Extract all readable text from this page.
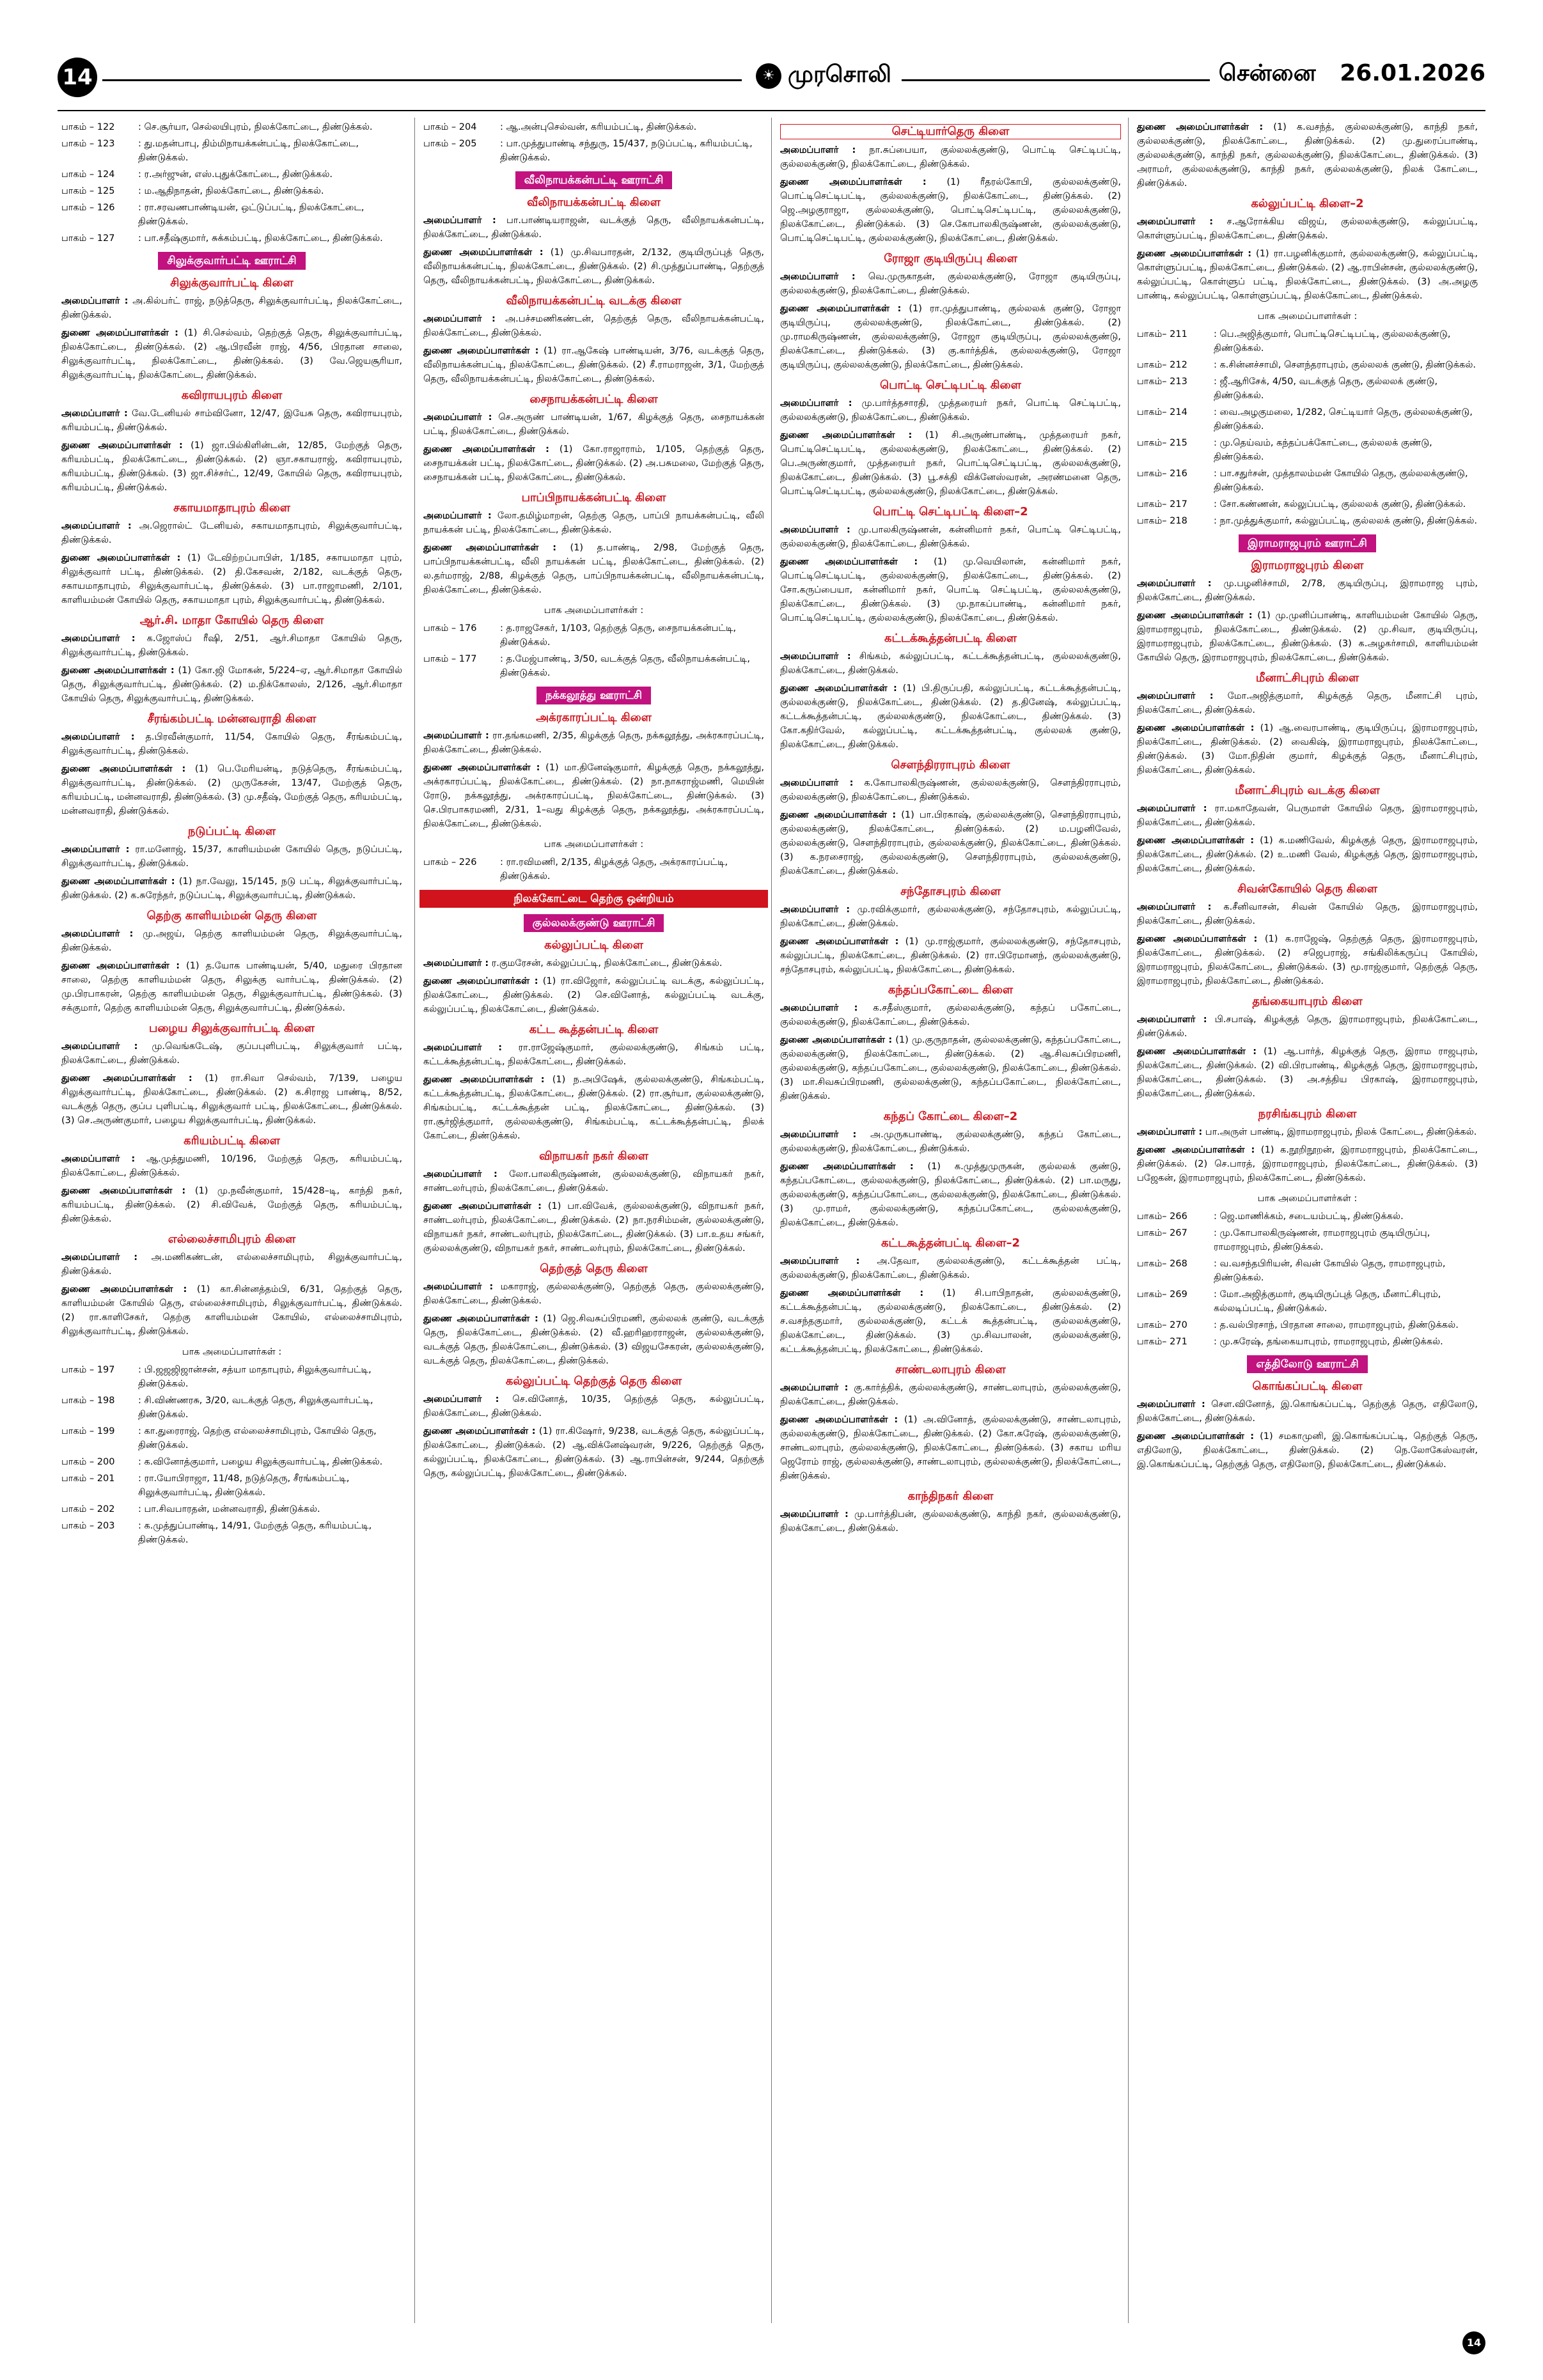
14	☀ முரசொலி	சென்னை 26.01.2026
பாகம் – 122	: செ.சூர்யா, செல்லயிபுரம், நிலக்கோட்டை, திண்டுக்கல்.
பாகம் – 123	: து.மதன்பாபு, திம்மிநாயக்கன்பட்டி, நிலக்கோட்டை, திண்டுக்கல்.
பாகம் – 124	: ர.அர்ஜுன், எஸ்.புதுக்கோட்டை, திண்டுக்கல்.
பாகம் – 125	: ம.ஆதிநாதன், நிலக்கோட்டை, திண்டுக்கல்.
பாகம் – 126	: ரா.சரவணபாண்டியன், ஒட்டுப்பட்டி, நிலக்கோட்டை, திண்டுக்கல்.
பாகம் – 127	: பா.சதீஷ்குமார், சுக்கம்பட்டி, நிலக்கோட்டை, திண்டுக்கல்.
சிலுக்குவார்பட்டி ஊராட்சி
சிலுக்குவார்பட்டி கிளை
அமைப்பாளர் : அ.கில்பர்ட் ராஜ், நடுத்தெரு, சிலுக்குவார்பட்டி, நிலக்கோட்டை, திண்டுக்கல்.
துணை அமைப்பாளர்கள் : (1) சி.செல்வம், தெற்குத் தெரு, சிலுக்குவார்பட்டி, நிலக்கோட்டை, திண்டுக்கல். (2) ஆ.பிரவீன் ராஜ், 4/56, பிரதான சாலை, சிலுக்குவார்பட்டி, நிலக்கோட்டை, திண்டுக்கல். (3) வே.ஜெயசூரியா, சிலுக்குவார்பட்டி, நிலக்கோட்டை, திண்டுக்கல்.
கவிராயபுரம் கிளை
அமைப்பாளர் : வே.டேனியல் சாம்வினோ, 12/47, இயேசு தெரு, கவிராயபுரம், கரியம்பட்டி, திண்டுக்கல்.
துணை அமைப்பாளர்கள் : (1) ஜா.பில்கிளின்டன், 12/85, மேற்குத் தெரு, கரியம்பட்டி, நிலக்கோட்டை, திண்டுக்கல். (2) ஞா.சகாயராஜ், கவிராயபுரம், கரியம்பட்டி, திண்டுக்கல். (3) ஜா.சிச்சர்ட், 12/49, கோயில் தெரு, கவிராயபுரம், கரியம்பட்டி, திண்டுக்கல்.
சகாயமாதாபுரம் கிளை
அமைப்பாளர் : அ.ஜெரால்ட் டேனியல், சகாயமாதாபுரம், சிலுக்குவார்பட்டி, திண்டுக்கல்.
துணை அமைப்பாளர்கள் : (1) டேவிற்றப்பாபிள், 1/185, சகாயமாதா புரம், சிலுக்குவார் பட்டி, திண்டுக்கல். (2) தி.கேசவன், 2/182, வடக்குத் தெரு, சகாயமாதாபுரம், சிலுக்குவார்பட்டி, திண்டுக்கல். (3) பா.ராஜாமணி, 2/101, காளியம்மன் கோயில் தெரு, சகாயமாதா புரம், சிலுக்குவார்பட்டி, திண்டுக்கல்.
ஆர்.சி. மாதா கோயில் தெரு கிளை
அமைப்பாளர் : க.ஜோஸ்ப் ரீஷி, 2/51, ஆர்.சிமாதா கோயில் தெரு, சிலுக்குவார்பட்டி, திண்டுக்கல்.
துணை அமைப்பாளர்கள் : (1) கோ.ஜி மோகன், 5/224–ஏ, ஆர்.சிமாதா கோயில் தெரு, சிலுக்குவார்பட்டி, திண்டுக்கல். (2) ம.நிக்கோலஸ், 2/126, ஆர்.சிமாதா கோயில் தெரு, சிலுக்குவார்பட்டி, திண்டுக்கல்.
சீரங்கம்பட்டி மன்னவராதி கிளை
அமைப்பாளர் : த.பிரவீன்குமார், 11/54, கோயில் தெரு, சீரங்கம்பட்டி, சிலுக்குவார்பட்டி, திண்டுக்கல்.
துணை அமைப்பாளர்கள் : (1) பெ.மேரியன்டி, நடுத்தெரு, சீரங்கம்பட்டி, சிலுக்குவார்பட்டி, திண்டுக்கல். (2) முருகேசன், 13/47, மேற்குத் தெரு, கரியம்பட்டி, மன்னவராதி, திண்டுக்கல். (3) மு.சதீஷ், மேற்குத் தெரு, கரியம்பட்டி, மன்னவராதி, திண்டுக்கல்.
நடுப்பட்டி கிளை
அமைப்பாளர் : ரா.மனோஜ், 15/37, காளியம்மன் கோயில் தெரு, நடுப்பட்டி, சிலுக்குவார்பட்டி, திண்டுக்கல்.
துணை அமைப்பாளர்கள் : (1) நா.வேலு, 15/145, நடு பட்டி, சிலுக்குவார்பட்டி, திண்டுக்கல். (2) க.சுரேந்தர், நடுப்பட்டி, சிலுக்குவார்பட்டி, திண்டுக்கல்.
தெற்கு காளியம்மன் தெரு கிளை
அமைப்பாளர் : மு.அஜய், தெற்கு காளியம்மன் தெரு, சிலுக்குவார்பட்டி, திண்டுக்கல்.
துணை அமைப்பாளர்கள் : (1) த.யோக பாண்டியன், 5/40, மதுரை பிரதான சாலை, தெற்கு காளியம்மன் தெரு, சிலுக்கு வார்பட்டி, திண்டுக்கல். (2) மு.பிரபாகரன், தெற்கு காளியம்மன் தெரு, சிலுக்குவார்பட்டி, திண்டுக்கல். (3) சக்குமார், தெற்கு காளியம்மன் தெரு, சிலுக்குவார்பட்டி, திண்டுக்கல்.
பழைய சிலுக்குவார்பட்டி கிளை
அமைப்பாளர் : மு.வெங்கடேஷ், குப்பபுளிபட்டி, சிலுக்குவார் பட்டி, நிலக்கோட்டை, திண்டுக்கல்.
துணை அமைப்பாளர்கள் : (1) ரா.சிவா செல்வம், 7/139, பழைய சிலுக்குவார்பட்டி, நிலக்கோட்டை, திண்டுக்கல். (2) க.சிராஜ பாண்டி, 8/52, வடக்குத் தெரு, குப்ப புளிபட்டி, சிலுக்குவார் பட்டி, நிலக்கோட்டை, திண்டுக்கல். (3) செ.அருண்குமார், பழைய சிலுக்குவார்பட்டி, திண்டுக்கல்.
கரியம்பட்டி கிளை
அமைப்பாளர் : ஆ.முத்துமணி, 10/196, மேற்குத் தெரு, கரியம்பட்டி, நிலக்கோட்டை, திண்டுக்கல்.
துணை அமைப்பாளர்கள் : (1) மு.நவீன்குமார், 15/428–டி, காந்தி நகர், கரியம்பட்டி, திண்டுக்கல். (2) சி.விவேக், மேற்குத் தெரு, கரியம்பட்டி, திண்டுக்கல்.
எல்லைச்சாமிபுரம் கிளை
அமைப்பாளர் : அ.மணிகண்டன், எல்லைச்சாமிபுரம், சிலுக்குவார்பட்டி, திண்டுக்கல்.
துணை அமைப்பாளர்கள் : (1) கா.சின்னத்தம்பி, 6/31, தெற்குத் தெரு, காளியம்மன் கோயில் தெரு, எல்லைச்சாமிபுரம், சிலுக்குவார்பட்டி, திண்டுக்கல். (2) ரா.காளிசேகர், தெற்கு காளியம்மன் கோயில், எல்லைச்சாமிபுரம், சிலுக்குவார்பட்டி, திண்டுக்கல்.
பாக அமைப்பாளர்கள் :
பாகம் – 197	: பி.ஜஜஜிஜான்சன், சத்யா மாதாபுரம், சிலுக்குவார்பட்டி, திண்டுக்கல்.
பாகம் – 198	: சி.விண்ணரசு, 3/20, வடக்குத் தெரு, சிலுக்குவார்பட்டி, திண்டுக்கல்.
பாகம் – 199	: கா.துரைராஜ், தெற்கு எல்லைச்சாமிபுரம், கோயில் தெரு, திண்டுக்கல்.
பாகம் – 200	: க.வினோத்குமார், பழைய சிலுக்குவார்பட்டி, திண்டுக்கல்.
பாகம் – 201	: ரா.யோபிராஜா, 11/48, நடுத்தெரு, சீரங்கம்பட்டி, சிலுக்குவார்பட்டி, திண்டுக்கல்.
பாகம் – 202	: பா.சிவபாரதன், மன்னவராதி, திண்டுக்கல்.
பாகம் – 203	: க.முத்துப்பாண்டி, 14/91, மேற்குத் தெரு, கரியம்பட்டி, திண்டுக்கல்.
பாகம் – 204	: ஆ.அன்புசெல்வன், கரியம்பட்டி, திண்டுக்கல்.
பாகம் – 205	: பா.முத்துபாண்டி சந்துரு, 15/437, நடுப்பட்டி, கரியம்பட்டி, திண்டுக்கல்.
வீலிநாயக்கன்பட்டி ஊராட்சி
வீலிநாயக்கன்பட்டி கிளை
அமைப்பாளர் : பா.பாண்டியராஜன், வடக்குத் தெரு, வீலிநாயக்கன்பட்டி, நிலக்கோட்டை, திண்டுக்கல்.
துணை அமைப்பாளர்கள் : (1) மு.சிவபாரதன், 2/132, குடியிருப்புத் தெரு, வீலிநாயக்கன்பட்டி, நிலக்கோட்டை, திண்டுக்கல். (2) சி.முத்துப்பாண்டி, தெற்குத் தெரு, வீலிநாயக்கன்பட்டி, நிலக்கோட்டை, திண்டுக்கல்.
வீலிநாயக்கன்பட்டி வடக்கு கிளை
அமைப்பாளர் : அ.பச்சமணிகண்டன், தெற்குத் தெரு, வீலிநாயக்கன்பட்டி, நிலக்கோட்டை, திண்டுக்கல்.
துணை அமைப்பாளர்கள் : (1) ரா.ஆகேஷ் பாண்டியன், 3/76, வடக்குத் தெரு, வீலிநாயக்கன்பட்டி, நிலக்கோட்டை, திண்டுக்கல். (2) சீ.ராமராஜன், 3/1, மேற்குத் தெரு, வீலிநாயக்கன்பட்டி, நிலக்கோட்டை, திண்டுக்கல்.
சைநாயக்கன்பட்டி கிளை
அமைப்பாளர் : செ.அருண் பாண்டியன், 1/67, கிழக்குத் தெரு, சைநாயக்கன் பட்டி, நிலக்கோட்டை, திண்டுக்கல்.
துணை அமைப்பாளர்கள் : (1) கோ.ராஜாராம், 1/105, தெற்குத் தெரு, சைநாயக்கன் பட்டி, நிலக்கோட்டை, திண்டுக்கல். (2) அ.பசுமலை, மேற்குத் தெரு, சைநாயக்கன் பட்டி, நிலக்கோட்டை, திண்டுக்கல்.
பாப்பிநாயக்கன்பட்டி கிளை
அமைப்பாளர் : லோ.தமிழ்மாறன், தெற்கு தெரு, பாப்பி நாயக்கன்பட்டி, வீலி நாயக்கன் பட்டி, நிலக்கோட்டை, திண்டுக்கல்.
துணை அமைப்பாளர்கள் : (1) த.பாண்டி, 2/98, மேற்குத் தெரு, பாப்பிநாயக்கன்பட்டி, வீலி நாயக்கன் பட்டி, நிலக்கோட்டை, திண்டுக்கல். (2) ல.தர்மராஜ், 2/88, கிழக்குத் தெரு, பாப்பிநாயக்கன்பட்டி, வீலிநாயக்கன்பட்டி, நிலக்கோட்டை, திண்டுக்கல்.
பாக அமைப்பாளர்கள் :
பாகம் – 176	: த.ராஜசேகர், 1/103, தெற்குத் தெரு, சைநாயக்கன்பட்டி, திண்டுக்கல்.
பாகம் – 177	: த.மேஜ்பாண்டி, 3/50, வடக்குத் தெரு, வீலிநாயக்கன்பட்டி, திண்டுக்கல்.
நக்கலூத்து ஊராட்சி
அக்ரகாரப்பட்டி கிளை
அமைப்பாளர் : ரா.தங்கமணி, 2/35, கிழக்குத் தெரு, நக்கலூத்து, அக்ரகாரப்பட்டி, நிலக்கோட்டை, திண்டுக்கல்.
துணை அமைப்பாளர்கள் : (1) மா.தினேஷ்குமார், கிழக்குத் தெரு, நக்கலூத்து, அக்ரகாரப்பட்டி, நிலக்கோட்டை, திண்டுக்கல். (2) நா.நாகராஜ்மணி, மெயின் ரோடு, நக்கலூத்து, அக்ரகாரப்பட்டி, நிலக்கோட்டை, திண்டுக்கல். (3) செ.பிரபாகரமணி, 2/31, 1–வது கிழக்குத் தெரு, நக்கலூத்து, அக்ரகாரப்பட்டி, நிலக்கோட்டை, திண்டுக்கல்.
பாக அமைப்பாளர்கள் :
பாகம் – 226	: ரா.ரவிமணி, 2/135, கிழக்குத் தெரு, அக்ரகாரப்பட்டி, திண்டுக்கல்.
நிலக்கோட்டை தெற்கு ஒன்றியம்
குல்லலக்குண்டு ஊராட்சி
கல்லுப்பட்டி கிளை
அமைப்பாளர் : ர.குமரேசன், கல்லுப்பட்டி, நிலக்கோட்டை, திண்டுக்கல்.
துணை அமைப்பாளர்கள் : (1) ரா.விஜோர், கல்லுப்பட்டி வடக்கு, கல்லுப்பட்டி, நிலக்கோட்டை, திண்டுக்கல். (2) செ.வினோத், கல்லுப்பட்டி வடக்கு, கல்லுப்பட்டி, நிலக்கோட்டை, திண்டுக்கல்.
கட்ட கூத்தன்பட்டி கிளை
அமைப்பாளர் : ரா.ராஜேஷ்குமார், குல்லலக்குண்டு, சிங்கம் பட்டி, கட்டக்கூத்தன்பட்டி, நிலக்கோட்டை, திண்டுக்கல்.
துணை அமைப்பாளர்கள் : (1) ந.அபிஷேக், குல்லலக்குண்டு, சிங்கம்பட்டி, கட்டக்கூத்தன்பட்டி, நிலக்கோட்டை, திண்டுக்கல். (2) ரா.சூர்யா, குல்லலக்குண்டு, சிங்கம்பட்டி, கட்டக்கூத்தன் பட்டி, நிலக்கோட்டை, திண்டுக்கல். (3) ரா.சூர்ஜித்குமார், குல்லலக்குண்டு, சிங்கம்பட்டி, கட்டக்கூத்தன்பட்டி, நிலக் கோட்டை, திண்டுக்கல்.
விநாயகர் நகர் கிளை
அமைப்பாளர் : லோ.பாலகிருஷ்ணன், குல்லலக்குண்டு, விநாயகர் நகர், சாண்டலர்புரம், நிலக்கோட்டை, திண்டுக்கல்.
துணை அமைப்பாளர்கள் : (1) பா.விவேக், குல்லலக்குண்டு, விநாயகர் நகர், சாண்டலர்புரம், நிலக்கோட்டை, திண்டுக்கல். (2) நா.நரசிம்மன், குல்லலக்குண்டு, விநாயகர் நகர், சாண்டலர்புரம், நிலக்கோட்டை, திண்டுக்கல். (3) பா.உதய சங்கர், குல்லலக்குண்டு, விநாயகர் நகர், சாண்டலர்புரம், நிலக்கோட்டை, திண்டுக்கல்.
தெற்குத் தெரு கிளை
அமைப்பாளர் : மகாராஜ், குல்லலக்குண்டு, தெற்குத் தெரு, குல்லலக்குண்டு, நிலக்கோட்டை, திண்டுக்கல்.
துணை அமைப்பாளர்கள் : (1) ஜெ.சிவசுப்பிரமணி, குல்லலக் குண்டு, வடக்குத் தெரு, நிலக்கோட்டை, திண்டுக்கல். (2) வீ.ஹரிஹரராஜன், குல்லலக்குண்டு, வடக்குத் தெரு, நிலக்கோட்டை, திண்டுக்கல். (3) விஜயசேகரன், குல்லலக்குண்டு, வடக்குத் தெரு, நிலக்கோட்டை, திண்டுக்கல்.
கல்லுப்பட்டி தெற்குத் தெரு கிளை
அமைப்பாளர் : செ.வினோத், 10/35, தெற்குத் தெரு, கல்லுப்பட்டி, நிலக்கோட்டை, திண்டுக்கல்.
துணை அமைப்பாளர்கள் : (1) ரா.கிஷோர், 9/238, வடக்குத் தெரு, கல்லுப்பட்டி, நிலக்கோட்டை, திண்டுக்கல். (2) ஆ.விக்னேஷ்வரன், 9/226, தெற்குத் தெரு, கல்லுப்பட்டி, நிலக்கோட்டை, திண்டுக்கல். (3) ஆ.ராபின்சன், 9/244, தெற்குத் தெரு, கல்லுப்பட்டி, நிலக்கோட்டை, திண்டுக்கல்.
செட்டியார்தெரு கிளை
அமைப்பாளர் : நா.சுப்பையா, குல்லலக்குண்டு, பொட்டி செட்டிபட்டி, குல்லலக்குண்டு, நிலக்கோட்டை, திண்டுக்கல்.
துணை அமைப்பாளர்கள் : (1) ரீதரல்கோபி, குல்லலக்குண்டு, பொட்டிசெட்டிபட்டி, குல்லலக்குண்டு, நிலக்கோட்டை, திண்டுக்கல். (2) ஜெ.அழகுராஜா, குல்லலக்குண்டு, பொட்டிசெட்டிபட்டி, குல்லலக்குண்டு, நிலக்கோட்டை, திண்டுக்கல். (3) செ.கோபாலகிருஷ்ணன், குல்லலக்குண்டு, பொட்டிசெட்டிபட்டி, குல்லலக்குண்டு, நிலக்கோட்டை, திண்டுக்கல்.
ரோஜா குடியிருப்பு கிளை
அமைப்பாளர் : வெ.முருகாதன், குல்லலக்குண்டு, ரோஜா குடியிருப்பு, குல்லலக்குண்டு, நிலக்கோட்டை, திண்டுக்கல்.
துணை அமைப்பாளர்கள் : (1) ரா.முத்துபாண்டி, குல்லலக் குண்டு, ரோஜா குடியிருப்பு, குல்லலக்குண்டு, நிலக்கோட்டை, திண்டுக்கல். (2) மு.ராமகிருஷ்ணன், குல்லலக்குண்டு, ரோஜா குடியிருப்பு, குல்லலக்குண்டு, நிலக்கோட்டை, திண்டுக்கல். (3) கு.கார்த்திக், குல்லலக்குண்டு, ரோஜா குடியிருப்பு, குல்லலக்குண்டு, நிலக்கோட்டை, திண்டுக்கல்.
பொட்டி செட்டிபட்டி கிளை
அமைப்பாளர் : மு.பார்த்தசாரதி, முத்தரையர் நகர், பொட்டி செட்டிபட்டி, குல்லலக்குண்டு, நிலக்கோட்டை, திண்டுக்கல்.
துணை அமைப்பாளர்கள் : (1) சி.அருண்பாண்டி, முத்தரையர் நகர், பொட்டிசெட்டிபட்டி, குல்லலக்குண்டு, நிலக்கோட்டை, திண்டுக்கல். (2) பெ.அருண்குமார், முத்தரையர் நகர், பொட்டிசெட்டிபட்டி, குல்லலக்குண்டு, நிலக்கோட்டை, திண்டுக்கல். (3) பூ.சக்தி விக்னேஸ்வரன், அரண்மனை தெரு, பொட்டிசெட்டிபட்டி, குல்லலக்குண்டு, நிலக்கோட்டை, திண்டுக்கல்.
பொட்டி செட்டிபட்டி கிளை–2
அமைப்பாளர் : மு.பாலகிருஷ்ணன், கன்னிமார் நகர், பொட்டி செட்டிபட்டி, குல்லலக்குண்டு, நிலக்கோட்டை, திண்டுக்கல்.
துணை அமைப்பாளர்கள் : (1) மு.வெயிலான், கன்னிமார் நகர், பொட்டிசெட்டிபட்டி, குல்லலக்குண்டு, நிலக்கோட்டை, திண்டுக்கல். (2) சோ.கருப்பையா, கன்னிமார் நகர், பொட்டி செட்டிபட்டி, குல்லலக்குண்டு, நிலக்கோட்டை, திண்டுக்கல். (3) மு.நாகப்பாண்டி, கன்னிமார் நகர், பொட்டிசெட்டிபட்டி, குல்லலக்குண்டு, நிலக்கோட்டை, திண்டுக்கல்.
கட்டக்கூத்தன்பட்டி கிளை
அமைப்பாளர் : சிங்கம், கல்லுப்பட்டி, கட்டக்கூத்தன்பட்டி, குல்லலக்குண்டு, நிலக்கோட்டை, திண்டுக்கல்.
துணை அமைப்பாளர்கள் : (1) பி.திருப்பதி, கல்லுப்பட்டி, கட்டக்கூத்தன்பட்டி, குல்லலக்குண்டு, நிலக்கோட்டை, திண்டுக்கல். (2) த.தினேஷ், கல்லுப்பட்டி, கட்டக்கூத்தன்பட்டி, குல்லலக்குண்டு, நிலக்கோட்டை, திண்டுக்கல். (3) கோ.கதிர்வேல், கல்லுப்பட்டி, கட்டக்கூத்தன்பட்டி, குல்லலக் குண்டு, நிலக்கோட்டை, திண்டுக்கல்.
சௌந்திரராபுரம் கிளை
அமைப்பாளர் : க.கோபாலகிருஷ்ணன், குல்லலக்குண்டு, சௌந்திரராபுரம், குல்லலக்குண்டு, நிலக்கோட்டை, திண்டுக்கல்.
துணை அமைப்பாளர்கள் : (1) பா.பிரகாஷ், குல்லலக்குண்டு, சௌந்திரராபுரம், குல்லலக்குண்டு, நிலக்கோட்டை, திண்டுக்கல். (2) ம.பழனிவேல், குல்லலக்குண்டு, சௌந்திரராபுரம், குல்லலக்குண்டு, நிலக்கோட்டை, திண்டுக்கல். (3) க.நரசைராஜ், குல்லலக்குண்டு, சௌந்திரராபுரம், குல்லலக்குண்டு, நிலக்கோட்டை, திண்டுக்கல்.
சந்தோசபுரம் கிளை
அமைப்பாளர் : மு.ரவிக்குமார், குல்லலக்குண்டு, சந்தோசபுரம், கல்லுப்பட்டி, நிலக்கோட்டை, திண்டுக்கல்.
துணை அமைப்பாளர்கள் : (1) மு.ராஜ்குமார், குல்லலக்குண்டு, சந்தோசபுரம், கல்லுப்பட்டி, நிலக்கோட்டை, திண்டுக்கல். (2) ரா.பிரேமானந், குல்லலக்குண்டு, சந்தோசபுரம், கல்லுப்பட்டி, நிலக்கோட்டை, திண்டுக்கல்.
கந்தப்பகோட்டை கிளை
அமைப்பாளர் : க.சதீஸ்குமார், குல்லலக்குண்டு, கந்தப் பகோட்டை, குல்லலக்குண்டு, நிலக்கோட்டை, திண்டுக்கல்.
துணை அமைப்பாளர்கள் : (1) மு.குருநாதன், குல்லலக்குண்டு, கந்தப்பகோட்டை, குல்லலக்குண்டு, நிலக்கோட்டை, திண்டுக்கல். (2) ஆ.சிவசுப்பிரமணி, குல்லலக்குண்டு, கந்தப்பகோட்டை, குல்லலக்குண்டு, நிலக்கோட்டை, திண்டுக்கல். (3) மா.சிவசுப்பிரமணி, குல்லலக்குண்டு, கந்தப்பகோட்டை, நிலக்கோட்டை, திண்டுக்கல்.
கந்தப் கோட்டை கிளை–2
அமைப்பாளர் : அ.முருகபாண்டி, குல்லலக்குண்டு, கந்தப் கோட்டை, குல்லலக்குண்டு, நிலக்கோட்டை, திண்டுக்கல்.
துணை அமைப்பாளர்கள் : (1) க.முத்துமுருகன், குல்லலக் குண்டு, கந்தப்பகோட்டை, குல்லலக்குண்டு, நிலக்கோட்டை, திண்டுக்கல். (2) பா.மருது, குல்லலக்குண்டு, கந்தப்பகோட்டை, குல்லலக்குண்டு, நிலக்கோட்டை, திண்டுக்கல். (3) மு.ராமர், குல்லலக்குண்டு, கந்தப்பகோட்டை, குல்லலக்குண்டு, நிலக்கோட்டை, திண்டுக்கல்.
கட்டகூத்தன்பட்டி கிளை–2
அமைப்பாளர் : அ.தேவா, குல்லலக்குண்டு, கட்டக்கூத்தன் பட்டி, குல்லலக்குண்டு, நிலக்கோட்டை, திண்டுக்கல்.
துணை அமைப்பாளர்கள் : (1) சி.பாபிநாதன், குல்லலக்குண்டு, கட்டக்கூத்தன்பட்டி, குல்லலக்குண்டு, நிலக்கோட்டை, திண்டுக்கல். (2) ச.வசந்தகுமார், குல்லலக்குண்டு, கட்டக் கூத்தன்பட்டி, குல்லலக்குண்டு, நிலக்கோட்டை, திண்டுக்கல். (3) மு.சிவபாலன், குல்லலக்குண்டு, கட்டக்கூத்தன்பட்டி, நிலக்கோட்டை, திண்டுக்கல்.
சாண்டலாபுரம் கிளை
அமைப்பாளர் : கு.கார்த்திக், குல்லலக்குண்டு, சாண்டலாபுரம், குல்லலக்குண்டு, நிலக்கோட்டை, திண்டுக்கல்.
துணை அமைப்பாளர்கள் : (1) அ.வினோத், குல்லலக்குண்டு, சாண்டலாபுரம், குல்லலக்குண்டு, நிலக்கோட்டை, திண்டுக்கல். (2) கோ.சுரேஷ், குல்லலக்குண்டு, சாண்டலாபுரம், குல்லலக்குண்டு, நிலக்கோட்டை, திண்டுக்கல். (3) சகாய மரிய ஜெரோம் ராஜ், குல்லலக்குண்டு, சாண்டலாபுரம், குல்லலக்குண்டு, நிலக்கோட்டை, திண்டுக்கல்.
காந்திநகர் கிளை
அமைப்பாளர் : மு.பார்த்திபன், குல்லலக்குண்டு, காந்தி நகர், குல்லலக்குண்டு, நிலக்கோட்டை, திண்டுக்கல்.
துணை அமைப்பாளர்கள் : (1) க.வசந்த், குல்லலக்குண்டு, காந்தி நகர், குல்லலக்குண்டு, நிலக்கோட்டை, திண்டுக்கல். (2) மு.துரைப்பாண்டி, குல்லலக்குண்டு, காந்தி நகர், குல்லலக்குண்டு, நிலக்கோட்டை, திண்டுக்கல். (3) அராமர், குல்லலக்குண்டு, காந்தி நகர், குல்லலக்குண்டு, நிலக் கோட்டை, திண்டுக்கல்.
கல்லுப்பட்டி கிளை–2
அமைப்பாளர் : ச.ஆரோக்கிய விஜய், குல்லலக்குண்டு, கல்லுப்பட்டி, கொள்ளுப்பட்டி, நிலக்கோட்டை, திண்டுக்கல்.
துணை அமைப்பாளர்கள் : (1) ரா.பழனிக்குமார், குல்லலக்குண்டு, கல்லுப்பட்டி, கொள்ளுப்பட்டி, நிலக்கோட்டை, திண்டுக்கல். (2) ஆ.ராபின்சன், குல்லலக்குண்டு, கல்லுப்பட்டி, கொள்ளுப் பட்டி, நிலக்கோட்டை, திண்டுக்கல். (3) அ.அழகு பாண்டி, கல்லுப்பட்டி, கொள்ளுப்பட்டி, நிலக்கோட்டை, திண்டுக்கல்.
பாக அமைப்பாளர்கள் :
பாகம்– 211	: பெ.அஜித்குமார், பொட்டிசெட்டிபட்டி, குல்லலக்குண்டு, திண்டுக்கல்.
பாகம்– 212	: க.சின்னச்சாமி, சௌந்தராபுரம், குல்லலக் குண்டு, திண்டுக்கல்.
பாகம்– 213	: ஜீ.ஆரிசேக், 4/50, வடக்குத் தெரு, குல்லலக் குண்டு, திண்டுக்கல்.
பாகம்– 214	: வை.அழகுமலை, 1/282, செட்டியார் தெரு, குல்லலக்குண்டு, திண்டுக்கல்.
பாகம்– 215	: மு.தெய்வம், கந்தப்பக்கோட்டை, குல்லலக் குண்டு, திண்டுக்கல்.
பாகம்– 216	: பா.சதுர்சன், முத்தாலம்மன் கோயில் தெரு, குல்லலக்குண்டு, திண்டுக்கல்.
பாகம்– 217	: சோ.கண்ணன், கல்லுப்பட்டி, குல்லலக் குண்டு, திண்டுக்கல்.
பாகம்– 218	: நா.முத்துக்குமார், கல்லுப்பட்டி, குல்லலக் குண்டு, திண்டுக்கல்.
இராமராஜபுரம் ஊராட்சி
இராமராஜபுரம் கிளை
அமைப்பாளர் : மு.பழனிச்சாமி, 2/78, குடியிருப்பு, இராமராஜ புரம், நிலக்கோட்டை, திண்டுக்கல்.
துணை அமைப்பாளர்கள் : (1) மு.முனிப்பாண்டி, காளியம்மன் கோயில் தெரு, இராமராஜபுரம், நிலக்கோட்டை, திண்டுக்கல். (2) மு.சிவா, குடியிருப்பு, இராமராஜபுரம், நிலக்கோட்டை, திண்டுக்கல். (3) க.அழகர்சாமி, காளியம்மன் கோயில் தெரு, இராமராஜபுரம், நிலக்கோட்டை, திண்டுக்கல்.
மீனாட்சிபுரம் கிளை
அமைப்பாளர் : மோ.அஜித்குமார், கிழக்குத் தெரு, மீனாட்சி புரம், நிலக்கோட்டை, திண்டுக்கல்.
துணை அமைப்பாளர்கள் : (1) ஆ.வைரபாண்டி, குடியிருப்பு, இராமராஜபுரம், நிலக்கோட்டை, திண்டுக்கல். (2) வைகிஷ், இராமராஜபுரம், நிலக்கோட்டை, திண்டுக்கல். (3) மோ.நிதின் குமார், கிழக்குத் தெரு, மீனாட்சிபுரம், நிலக்கோட்டை, திண்டுக்கல்.
மீனாட்சிபுரம் வடக்கு கிளை
அமைப்பாளர் : ரா.மகாதேவன், பெருமாள் கோயில் தெரு, இராமராஜபுரம், நிலக்கோட்டை, திண்டுக்கல்.
துணை அமைப்பாளர்கள் : (1) க.மணிவேல், கிழக்குத் தெரு, இராமராஜபுரம், நிலக்கோட்டை, திண்டுக்கல். (2) உ.மணி வேல், கிழக்குத் தெரு, இராமராஜபுரம், நிலக்கோட்டை, திண்டுக்கல்.
சிவன்கோயில் தெரு கிளை
அமைப்பாளர் : க.சீனிவாசன், சிவன் கோயில் தெரு, இராமராஜபுரம், நிலக்கோட்டை, திண்டுக்கல்.
துணை அமைப்பாளர்கள் : (1) க.ராஜேஷ், தெற்குத் தெரு, இராமராஜபுரம், நிலக்கோட்டை, திண்டுக்கல். (2) சஜெபராஜ், சங்கிலிக்கருப்பு கோயில், இராமராஜபுரம், நிலக்கோட்டை, திண்டுக்கல். (3) மூ.ராஜ்குமார், தெற்குத் தெரு, இராமராஜபுரம், நிலக்கோட்டை, திண்டுக்கல்.
தங்கையாபுரம் கிளை
அமைப்பாளர் : பி.சபாஷ், கிழக்குத் தெரு, இராமராஜபுரம், நிலக்கோட்டை, திண்டுக்கல்.
துணை அமைப்பாளர்கள் : (1) ஆ.பார்த், கிழக்குத் தெரு, இராம ராஜபுரம், நிலக்கோட்டை, திண்டுக்கல். (2) வி.பிரபாண்டி, கிழக்குத் தெரு, இராமராஜபுரம், நிலக்கோட்டை, திண்டுக்கல். (3) அ.சத்திய பிரகாஷ், இராமராஜபுரம், நிலக்கோட்டை, திண்டுக்கல்.
நரசிங்கபுரம் கிளை
அமைப்பாளர் : பா.அருள் பாண்டி, இராமராஜபுரம், நிலக் கோட்டை, திண்டுக்கல்.
துணை அமைப்பாளர்கள் : (1) க.நூறிநூறன், இராமராஜபுரம், நிலக்கோட்டை, திண்டுக்கல். (2) செ.பாரத், இராமராஜபுரம், நிலக்கோட்டை, திண்டுக்கல். (3) பஜேகன், இராமராஜபுரம், நிலக்கோட்டை, திண்டுக்கல்.
பாக அமைப்பாளர்கள் :
பாகம்– 266	: ஜெ.மாணிக்கம், சடையம்பட்டி, திண்டுக்கல்.
பாகம்– 267	: மு.கோபாலகிருஷ்ணன், ராமராஜபுரம் குடியிருப்பு, ராமராஜபுரம், திண்டுக்கல்.
பாகம்– 268	: வ.வசந்தபிரியன், சிவன் கோயில் தெரு, ராமராஜபுரம், திண்டுக்கல்.
பாகம்– 269	: மோ.அஜித்குமார், குடியிருப்புத் தெரு, மீனாட்சிபுரம், கல்லடிப்பட்டி, திண்டுக்கல்.
பாகம்– 270	: த.வல்பிரசாந், பிரதான சாலை, ராமராஜபுரம், திண்டுக்கல்.
பாகம்– 271	: மு.சுரேஷ், தங்கையாபுரம், ராமராஜபுரம், திண்டுக்கல்.
எத்திலோடு ஊராட்சி
கொங்கப்பட்டி கிளை
அமைப்பாளர் : சௌ.வினோத், இ.கொங்கப்பட்டி, தெற்குத் தெரு, எதிலோடு, நிலக்கோட்டை, திண்டுக்கல்.
துணை அமைப்பாளர்கள் : (1) சமகாமுனி, இ.கொங்கப்பட்டி, தெற்குத் தெரு, எதிலோடு, நிலக்கோட்டை, திண்டுக்கல். (2) நெ.லோகேஸ்வரன், இ.கொங்கப்பட்டி, தெற்குத் தெரு, எதிலோடு, நிலக்கோட்டை, திண்டுக்கல்.
14
